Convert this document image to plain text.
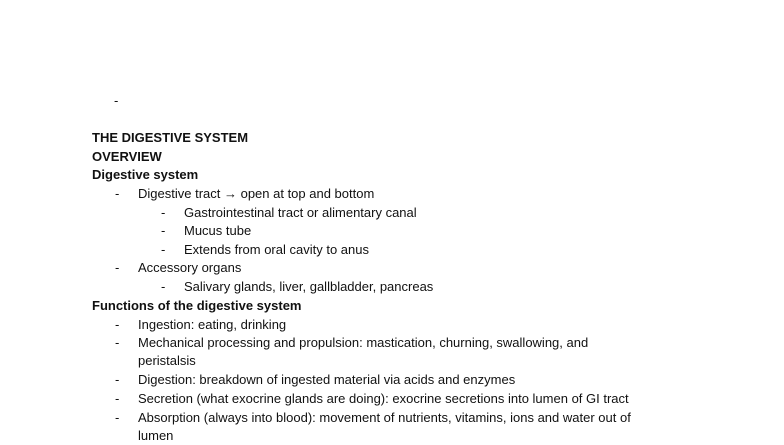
-
THE DIGESTIVE SYSTEM
OVERVIEW
Digestive system
-	Digestive tract → open at top and bottom
-	Gastrointestinal tract or alimentary canal
-	Mucus tube
-	Extends from oral cavity to anus
-	Accessory organs
-	Salivary glands, liver, gallbladder, pancreas
Functions of the digestive system
-	Ingestion: eating, drinking
-	Mechanical processing and propulsion: mastication, churning, swallowing, and
peristalsis
-	Digestion: breakdown of ingested material via acids and enzymes
-	Secretion (what exocrine glands are doing): exocrine secretions into lumen of GI tract
-	Absorption (always into blood): movement of nutrients, vitamins, ions and water out of
lumen
